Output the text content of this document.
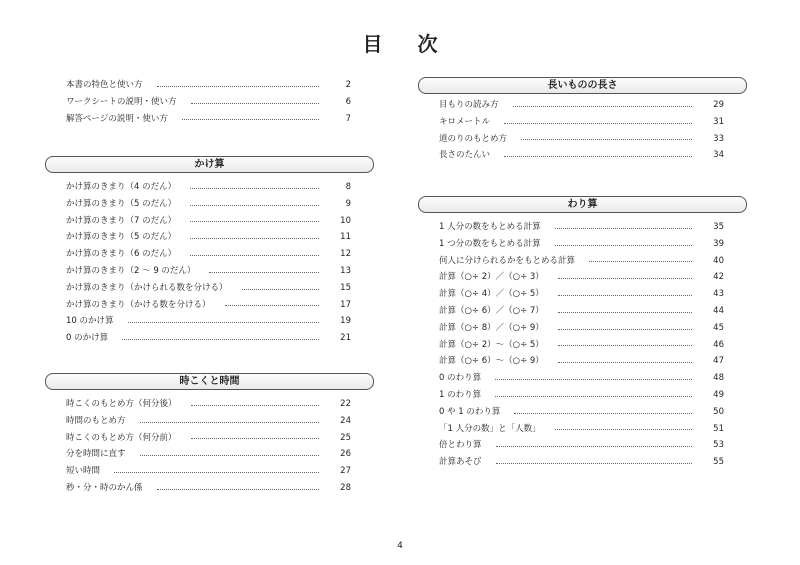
目 次
本書の特色と使い方	2
ワークシートの説明・使い方	6
解答ページの説明・使い方	7
かけ算
かけ算のきまり（4 のだん）	8
かけ算のきまり（5 のだん）	9
かけ算のきまり（7 のだん）	10
かけ算のきまり（5 のだん）	11
かけ算のきまり（6 のだん）	12
かけ算のきまり（2 ～ 9 のだん）	13
かけ算のきまり（かけられる数を分ける）	15
かけ算のきまり（かける数を分ける）	17
10 のかけ算	19
0 のかけ算	21
時こくと時間
時こくのもとめ方（何分後）	22
時間のもとめ方	24
時こくのもとめ方（何分前）	25
分を時間に直す	26
短い時間	27
秒・分・時のかん係	28
長いものの長さ
目もりの読み方	29
キロメートル	31
道のりのもとめ方	33
長さのたんい	34
わり算
1 人分の数をもとめる計算	35
1 つ分の数をもとめる計算	39
何人に分けられるかをもとめる計算	40
計算（○÷ 2）／（○÷ 3）	42
計算（○÷ 4）／（○÷ 5）	43
計算（○÷ 6）／（○÷ 7）	44
計算（○÷ 8）／（○÷ 9）	45
計算（○÷ 2）～（○÷ 5）	46
計算（○÷ 6）～（○÷ 9）	47
0 のわり算	48
1 のわり算	49
0 や 1 のわり算	50
「1 人分の数」と「人数」	51
倍とわり算	53
計算あそび	55
4
